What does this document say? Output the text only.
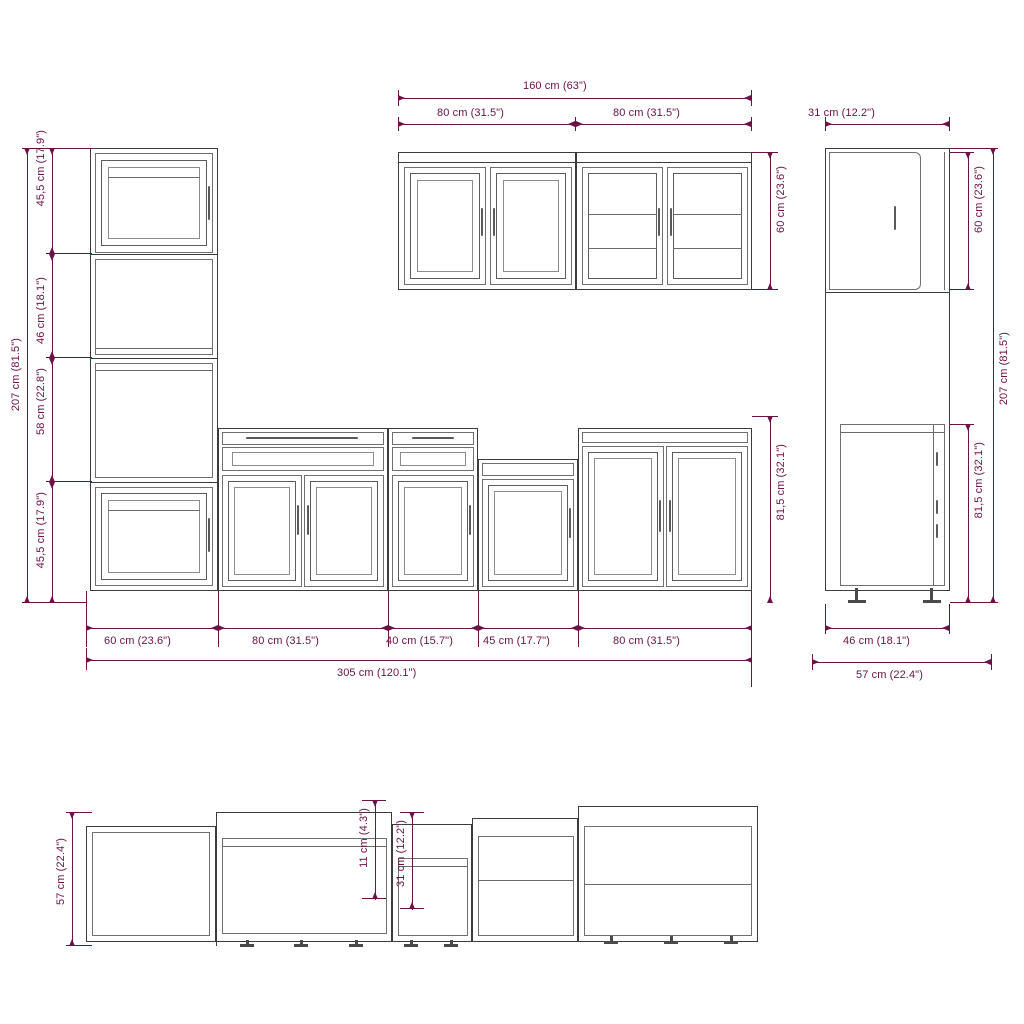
160 cm (63")
80 cm (31.5")	80 cm (31.5")
60 cm (23.6")
31 cm (12.2")
60 cm (23.6")
207 cm (81.5")
81,5 cm (32.1")
46 cm (18.1")
57 cm (22.4")
207 cm (81.5")
45,5 cm (17.9")
46 cm (18.1")
58 cm (22.8")
45,5 cm (17.9")
60 cm (23.6")	80 cm (31.5")	40 cm (15.7")	45 cm (17.7")	80 cm (31.5")
305 cm (120.1")
81,5 cm (32.1")
57 cm (22.4")
11 cm (4.3") 31 cm (12.2")
